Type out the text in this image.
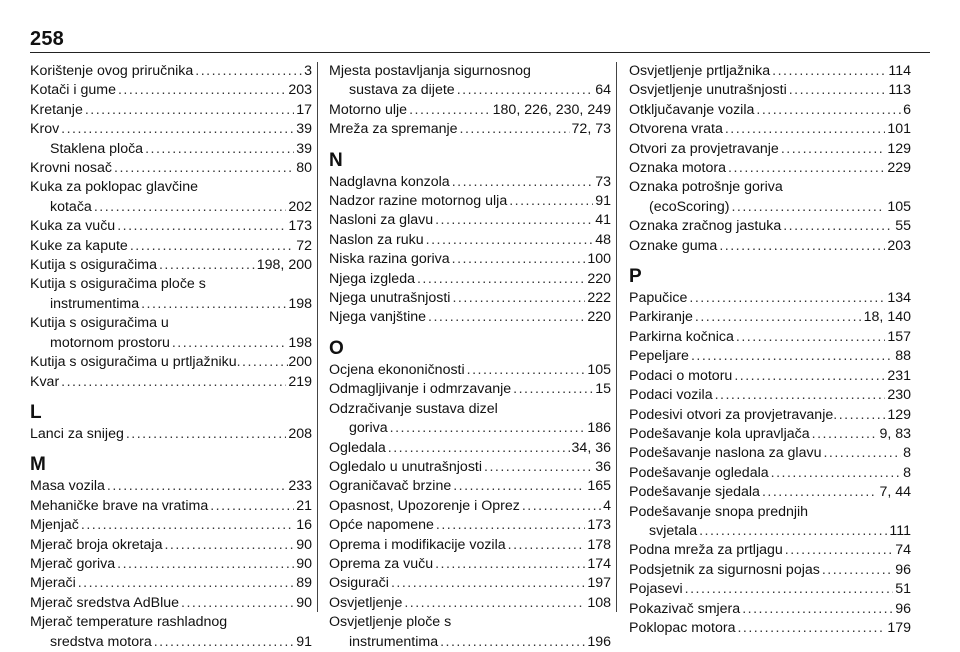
258
Korištenje ovog priručnika .....	3
Kotači i gume .....	203
Kretanje .....	17
Krov .....	39
Staklena ploča .....	39
Krovni nosač .....	80
Kuka za poklopac glavčine
kotača .....	202
Kuka za vuču .....	173
Kuke za kapute .....	72
Kutija s osiguračima .....	198, 200
Kutija s osiguračima ploče s
instrumentima .....	198
Kutija s osiguračima u
motornom prostoru .....	198
Kutija s osiguračima u prtljažniku .....	200
Kvar .....	219
L
Lanci za snijeg .....	208
M
Masa vozila .....	233
Mehaničke brave na vratima .....	21
Mjenjač .....	16
Mjerač broja okretaja .....	90
Mjerač goriva .....	90
Mjerači .....	89
Mjerač sredstva AdBlue .....	90
Mjerač temperature rashladnog
sredstva motora .....	91
Mjesta postavljanja sigurnosnog
sustava za dijete .....	64
Motorno ulje .....	180, 226, 230, 249
Mreža za spremanje .....	72, 73
N
Nadglavna konzola .....	73
Nadzor razine motornog ulja .....	91
Nasloni za glavu .....	41
Naslon za ruku .....	48
Niska razina goriva .....	100
Njega izgleda .....	220
Njega unutrašnjosti .....	222
Njega vanjštine .....	220
O
Ocjena ekononičnosti .....	105
Odmagljivanje i odmrzavanje .....	15
Odzračivanje sustava dizel
goriva .....	186
Ogledala .....	34, 36
Ogledalo u unutrašnjosti .....	36
Ograničavač brzine .....	165
Opasnost, Upozorenje i Oprez .....	4
Opće napomene .....	173
Oprema i modifikacije vozila .....	178
Oprema za vuču .....	174
Osigurači .....	197
Osvjetljenje .....	108
Osvjetljenje ploče s
instrumentima .....	196
Osvjetljenje prtljažnika .....	114
Osvjetljenje unutrašnjosti .....	113
Otključavanje vozila .....	6
Otvorena vrata .....	101
Otvori za provjetravanje .....	129
Oznaka motora .....	229
Oznaka potrošnje goriva
(ecoScoring) .....	105
Oznaka zračnog jastuka .....	55
Oznake guma .....	203
P
Papučice .....	134
Parkiranje .....	18, 140
Parkirna kočnica .....	157
Pepeljare .....	88
Podaci o motoru .....	231
Podaci vozila .....	230
Podesivi otvori za provjetravanje .....	129
Podešavanje kola upravljača .....	9, 83
Podešavanje naslona za glavu .....	8
Podešavanje ogledala .....	8
Podešavanje sjedala .....	7, 44
Podešavanje snopa prednjih
svjetala .....	111
Podna mreža za prtljagu .....	74
Podsjetnik za sigurnosni pojas .....	96
Pojasevi .....	51
Pokazivač smjera .....	96
Poklopac motora .....	179
